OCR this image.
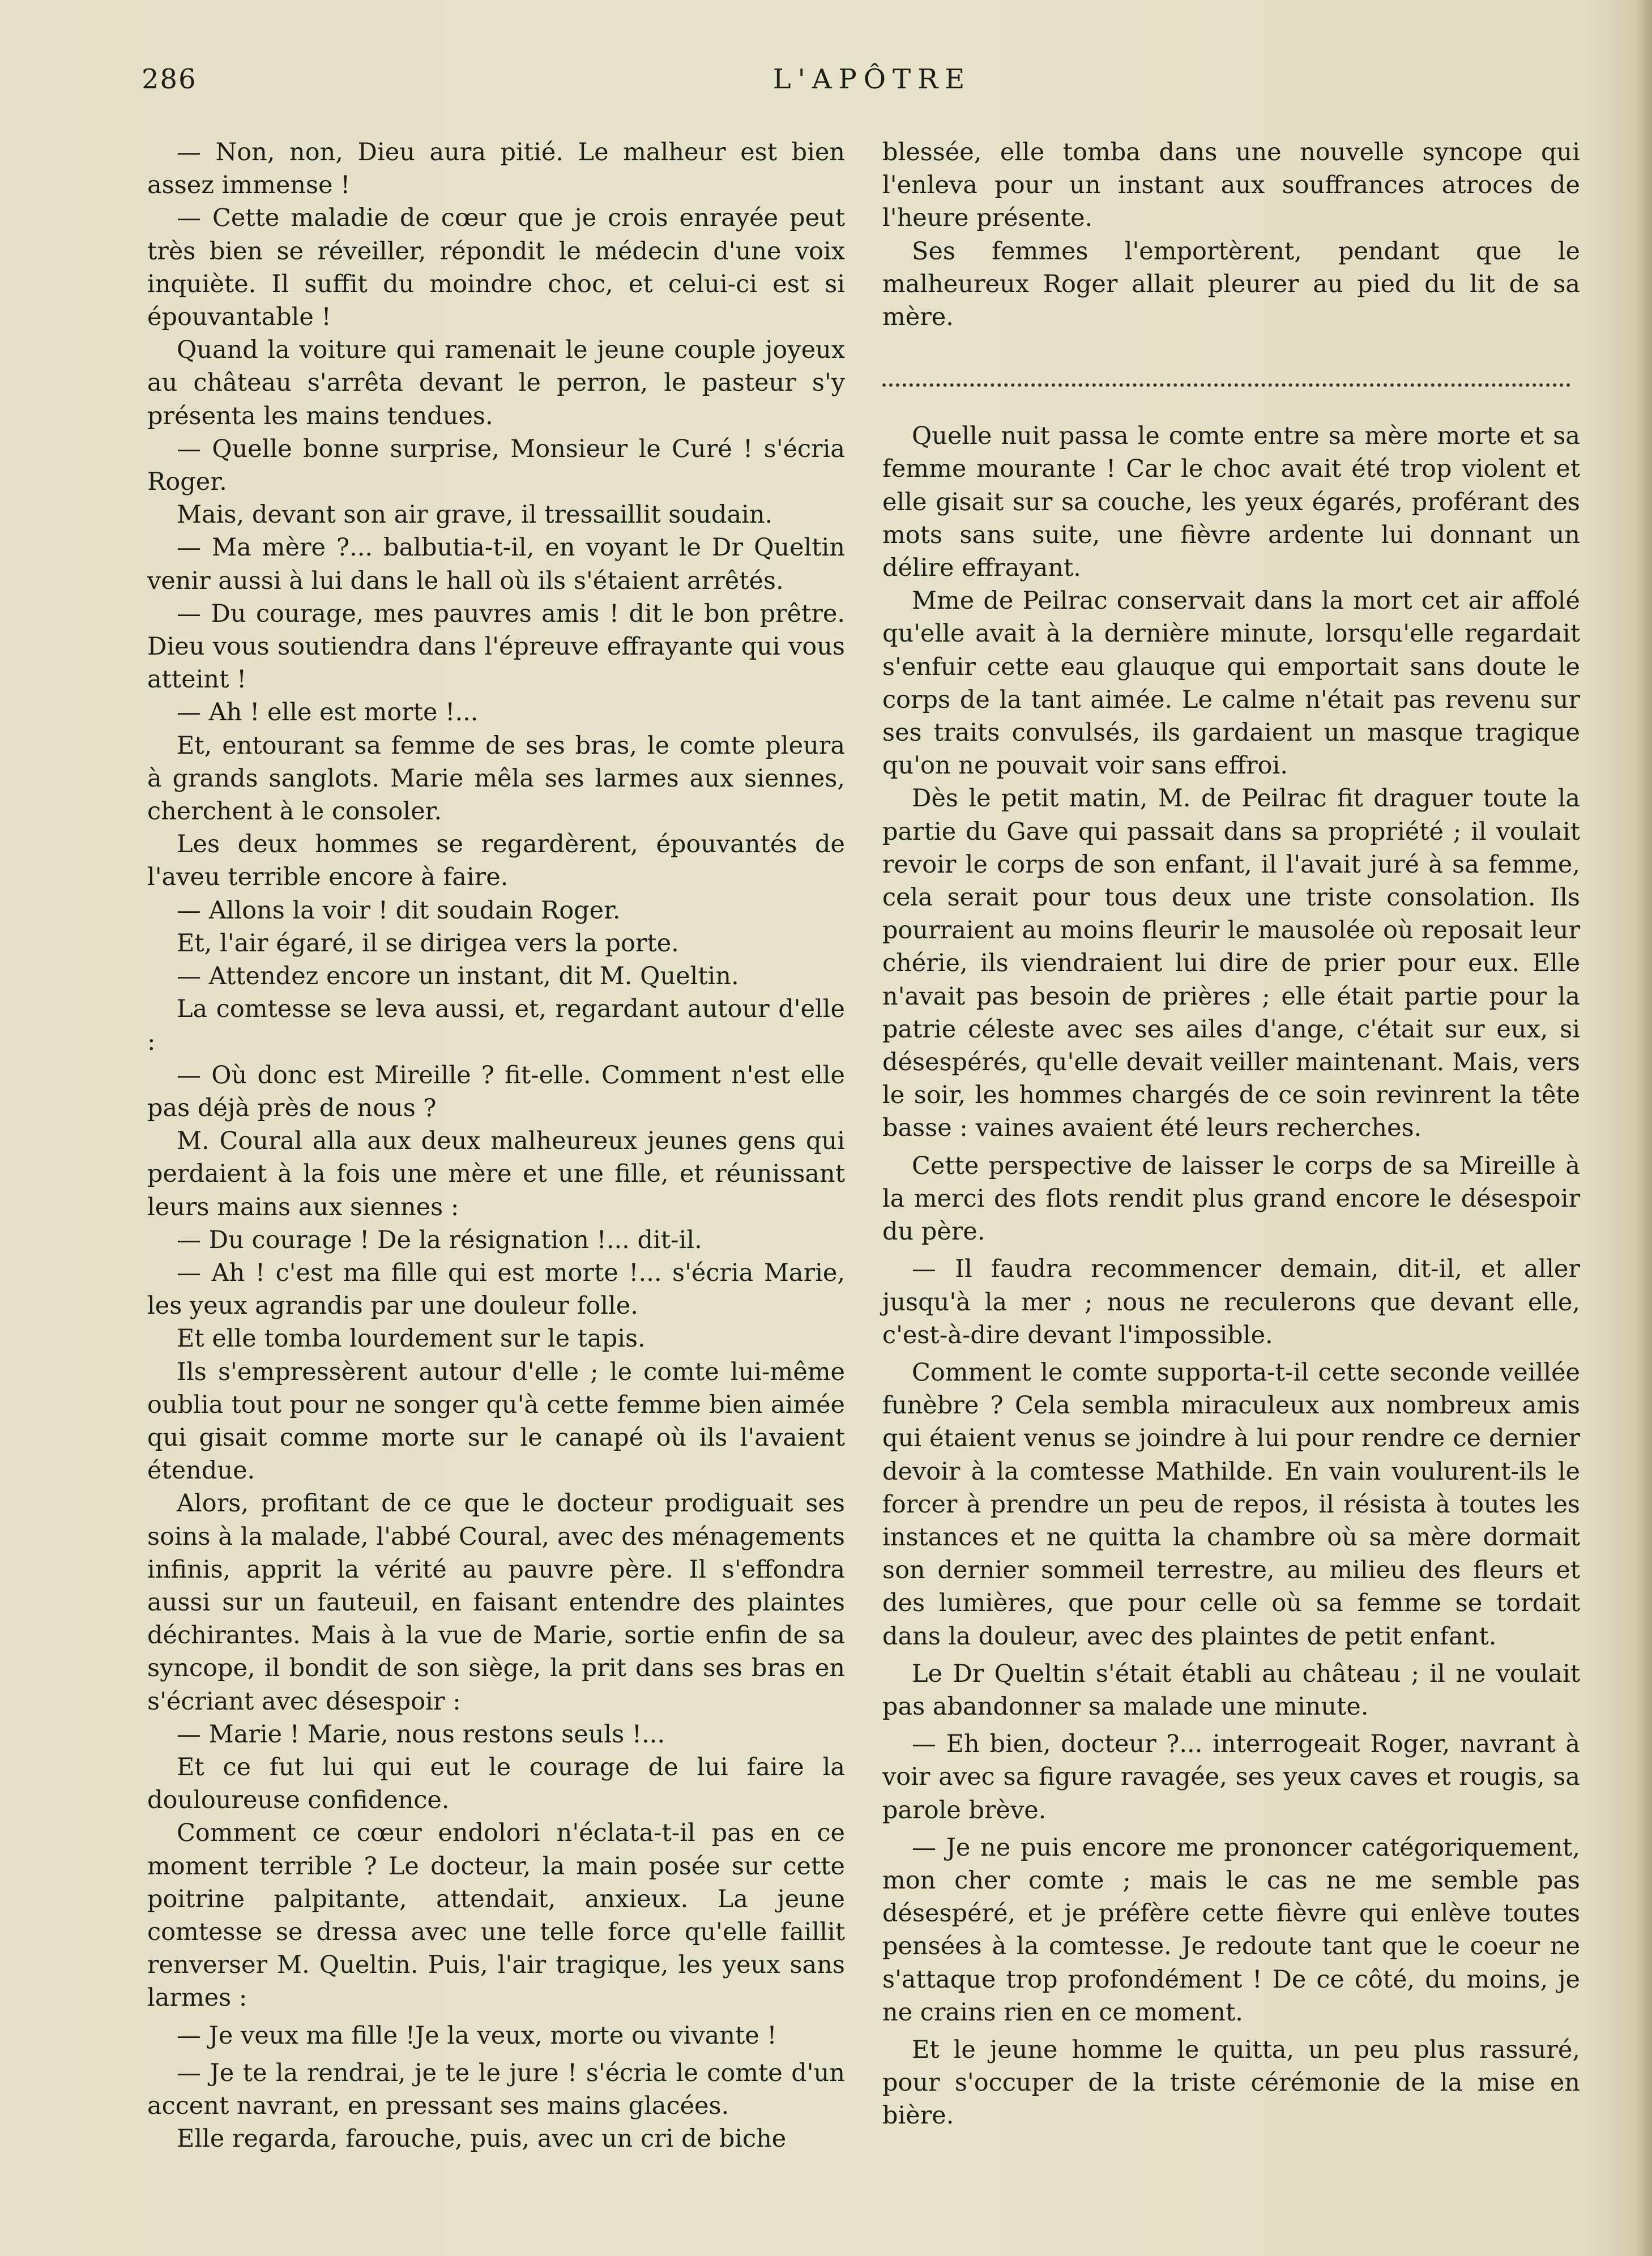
286	L'APÔTRE

— Non, non, Dieu aura pitié. Le malheur est bien assez immense !

— Cette maladie de cœur que je crois enrayée peut très bien se réveiller, répondit le médecin d'une voix inquiète. Il suffit du moindre choc, et celui-ci est si épouvantable !

Quand la voiture qui ramenait le jeune couple joyeux au château s'arrêta devant le perron, le pasteur s'y présenta les mains tendues.

— Quelle bonne surprise, Monsieur le Curé ! s'écria Roger.

Mais, devant son air grave, il tressaillit soudain.

— Ma mère ?... balbutia-t-il, en voyant le Dr Queltin venir aussi à lui dans le hall où ils s'étaient arrêtés.

— Du courage, mes pauvres amis ! dit le bon prêtre. Dieu vous soutiendra dans l'épreuve effrayante qui vous atteint !

— Ah ! elle est morte !...

Et, entourant sa femme de ses bras, le comte pleura à grands sanglots. Marie mêla ses larmes aux siennes, cherchent à le consoler.

Les deux hommes se regardèrent, épouvantés de l'aveu terrible encore à faire.

— Allons la voir ! dit soudain Roger.

Et, l'air égaré, il se dirigea vers la porte.

— Attendez encore un instant, dit M. Queltin.

La comtesse se leva aussi, et, regardant autour d'elle :

— Où donc est Mireille ? fit-elle. Comment n'est elle pas déjà près de nous ?

M. Coural alla aux deux malheureux jeunes gens qui perdaient à la fois une mère et une fille, et réunissant leurs mains aux siennes :

— Du courage ! De la résignation !... dit-il.

— Ah ! c'est ma fille qui est morte !... s'écria Marie, les yeux agrandis par une douleur folle.

Et elle tomba lourdement sur le tapis.

Ils s'empressèrent autour d'elle ; le comte lui-même oublia tout pour ne songer qu'à cette femme bien aimée qui gisait comme morte sur le canapé où ils l'avaient étendue.

Alors, profitant de ce que le docteur prodiguait ses soins à la malade, l'abbé Coural, avec des ménagements infinis, apprit la vérité au pauvre père. Il s'effondra aussi sur un fauteuil, en faisant entendre des plaintes déchirantes. Mais à la vue de Marie, sortie enfin de sa syncope, il bondit de son siège, la prit dans ses bras en s'écriant avec désespoir :

— Marie ! Marie, nous restons seuls !...

Et ce fut lui qui eut le courage de lui faire la douloureuse confidence.

Comment ce cœur endolori n'éclata-t-il pas en ce moment terrible ? Le docteur, la main posée sur cette poitrine palpitante, attendait, anxieux. La jeune comtesse se dressa avec une telle force qu'elle faillit renverser M. Queltin. Puis, l'air tragique, les yeux sans larmes :

— Je veux ma fille !Je la veux, morte ou vivante !

— Je te la rendrai, je te le jure ! s'écria le comte d'un accent navrant, en pressant ses mains glacées.

Elle regarda, farouche, puis, avec un cri de biche

blessée, elle tomba dans une nouvelle syncope qui l'enleva pour un instant aux souffrances atroces de l'heure présente.

Ses femmes l'emportèrent, pendant que le malheureux Roger allait pleurer au pied du lit de sa mère.

Quelle nuit passa le comte entre sa mère morte et sa femme mourante ! Car le choc avait été trop violent et elle gisait sur sa couche, les yeux égarés, proférant des mots sans suite, une fièvre ardente lui donnant un délire effrayant.

Mme de Peilrac conservait dans la mort cet air affolé qu'elle avait à la dernière minute, lorsqu'elle regardait s'enfuir cette eau glauque qui emportait sans doute le corps de la tant aimée. Le calme n'était pas revenu sur ses traits convulsés, ils gardaient un masque tragique qu'on ne pouvait voir sans effroi.

Dès le petit matin, M. de Peilrac fit draguer toute la partie du Gave qui passait dans sa propriété ; il voulait revoir le corps de son enfant, il l'avait juré à sa femme, cela serait pour tous deux une triste consolation. Ils pourraient au moins fleurir le mausolée où reposait leur chérie, ils viendraient lui dire de prier pour eux. Elle n'avait pas besoin de prières ; elle était partie pour la patrie céleste avec ses ailes d'ange, c'était sur eux, si désespérés, qu'elle devait veiller maintenant. Mais, vers le soir, les hommes chargés de ce soin revinrent la tête basse : vaines avaient été leurs recherches.

Cette perspective de laisser le corps de sa Mireille à la merci des flots rendit plus grand encore le désespoir du père.

— Il faudra recommencer demain, dit-il, et aller jusqu'à la mer ; nous ne reculerons que devant elle, c'est-à-dire devant l'impossible.

Comment le comte supporta-t-il cette seconde veillée funèbre ? Cela sembla miraculeux aux nombreux amis qui étaient venus se joindre à lui pour rendre ce dernier devoir à la comtesse Mathilde. En vain voulurent-ils le forcer à prendre un peu de repos, il résista à toutes les instances et ne quitta la chambre où sa mère dormait son dernier sommeil terrestre, au milieu des fleurs et des lumières, que pour celle où sa femme se tordait dans la douleur, avec des plaintes de petit enfant.

Le Dr Queltin s'était établi au château ; il ne voulait pas abandonner sa malade une minute.

— Eh bien, docteur ?... interrogeait Roger, navrant à voir avec sa figure ravagée, ses yeux caves et rougis, sa parole brève.

— Je ne puis encore me prononcer catégoriquement, mon cher comte ; mais le cas ne me semble pas désespéré, et je préfère cette fièvre qui enlève toutes pensées à la comtesse. Je redoute tant que le coeur ne s'attaque trop profondément ! De ce côté, du moins, je ne crains rien en ce moment.

Et le jeune homme le quitta, un peu plus rassuré, pour s'occuper de la triste cérémonie de la mise en bière.
